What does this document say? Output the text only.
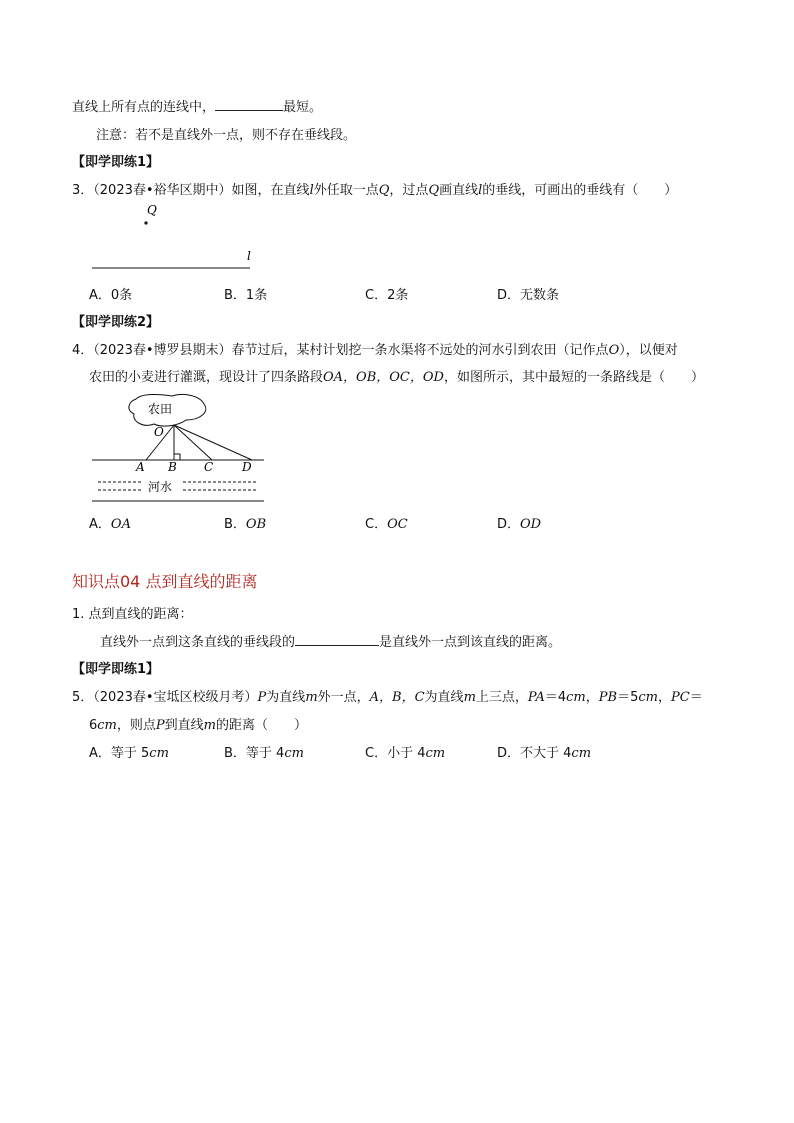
直线上所有点的连线中，	最短。
注意：若不是直线外一点，则不存在垂线段。
【即学即练1】
3．（2023春•裕华区期中）如图，在直线l外任取一点Q，过点Q画直线l的垂线，可画出的垂线有（　　）
Q
l
A．0条	B．1条	C．2条	D．无数条
【即学即练2】
4．（2023春•博罗县期末）春节过后，某村计划挖一条水渠将不远处的河水引到农田（记作点O），以便对
农田的小麦进行灌溉，现设计了四条路段OA，OB，OC，OD，如图所示，其中最短的一条路线是（　　）
农田
O
A B C D
河水
A．OA	B．OB	C．OC	D．OD
知识点04 点到直线的距离
1. 点到直线的距离：
直线外一点到这条直线的垂线段的	是直线外一点到该直线的距离。
【即学即练1】
5．（2023春•宝坻区校级月考）P为直线m外一点，A，B，C为直线m上三点，PA＝4cm，PB＝5cm，PC＝
6cm，则点P到直线m的距离（　　）
A．等于 5cm	B．等于 4cm	C．小于 4cm	D．不大于 4cm
